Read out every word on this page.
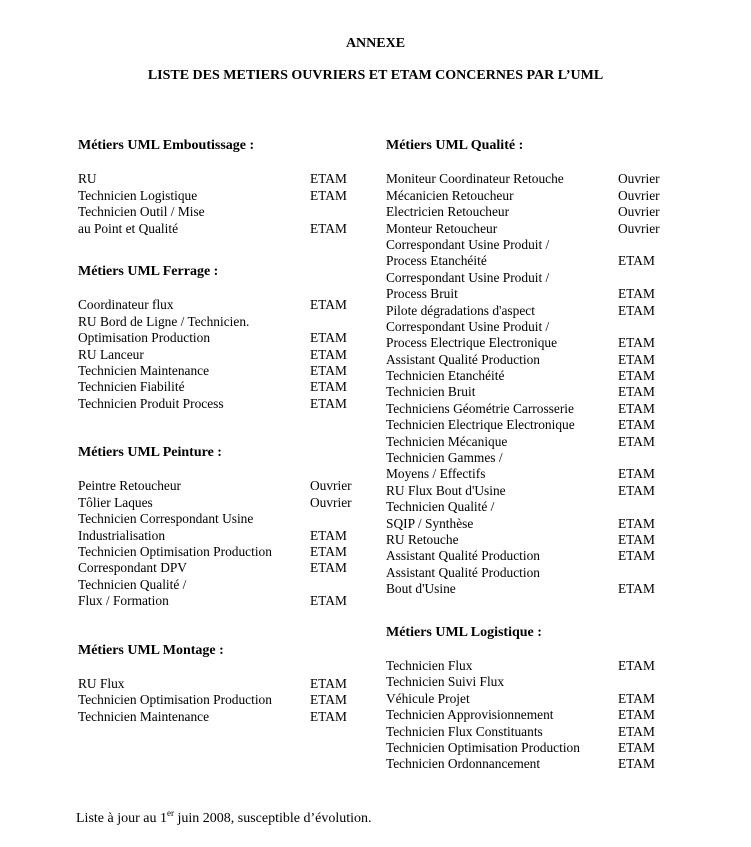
ANNEXE
LISTE DES METIERS OUVRIERS ET ETAM CONCERNES PAR L’UML
Métiers UML Emboutissage :
RU	ETAM
Technicien Logistique	ETAM
Technicien Outil / Mise
au Point et Qualité	ETAM
Métiers UML Ferrage :
Coordinateur flux	ETAM
RU Bord de Ligne / Technicien.
Optimisation Production	ETAM
RU Lanceur	ETAM
Technicien Maintenance	ETAM
Technicien Fiabilité	ETAM
Technicien Produit Process	ETAM
Métiers UML Peinture :
Peintre Retoucheur	Ouvrier
Tôlier Laques	Ouvrier
Technicien Correspondant Usine
Industrialisation	ETAM
Technicien Optimisation Production	ETAM
Correspondant DPV	ETAM
Technicien Qualité /
Flux / Formation	ETAM
Métiers UML Montage :
RU Flux	ETAM
Technicien Optimisation Production	ETAM
Technicien Maintenance	ETAM
Métiers UML Qualité :
Moniteur Coordinateur Retouche	Ouvrier
Mécanicien Retoucheur	Ouvrier
Electricien Retoucheur	Ouvrier
Monteur Retoucheur	Ouvrier
Correspondant Usine Produit /
Process Etanchéité	ETAM
Correspondant Usine Produit /
Process Bruit	ETAM
Pilote dégradations d'aspect	ETAM
Correspondant Usine Produit /
Process Electrique Electronique	ETAM
Assistant Qualité Production	ETAM
Technicien Etanchéité	ETAM
Technicien Bruit	ETAM
Techniciens Géométrie Carrosserie	ETAM
Technicien Electrique Electronique	ETAM
Technicien Mécanique	ETAM
Technicien Gammes /
Moyens / Effectifs	ETAM
RU Flux Bout d'Usine	ETAM
Technicien Qualité /
SQIP / Synthèse	ETAM
RU Retouche	ETAM
Assistant Qualité Production	ETAM
Assistant Qualité Production
Bout d'Usine	ETAM
Métiers UML Logistique :
Technicien Flux	ETAM
Technicien Suivi Flux
Véhicule Projet	ETAM
Technicien Approvisionnement	ETAM
Technicien Flux Constituants	ETAM
Technicien Optimisation Production	ETAM
Technicien Ordonnancement	ETAM
Liste à jour au 1er juin 2008, susceptible d’évolution.
